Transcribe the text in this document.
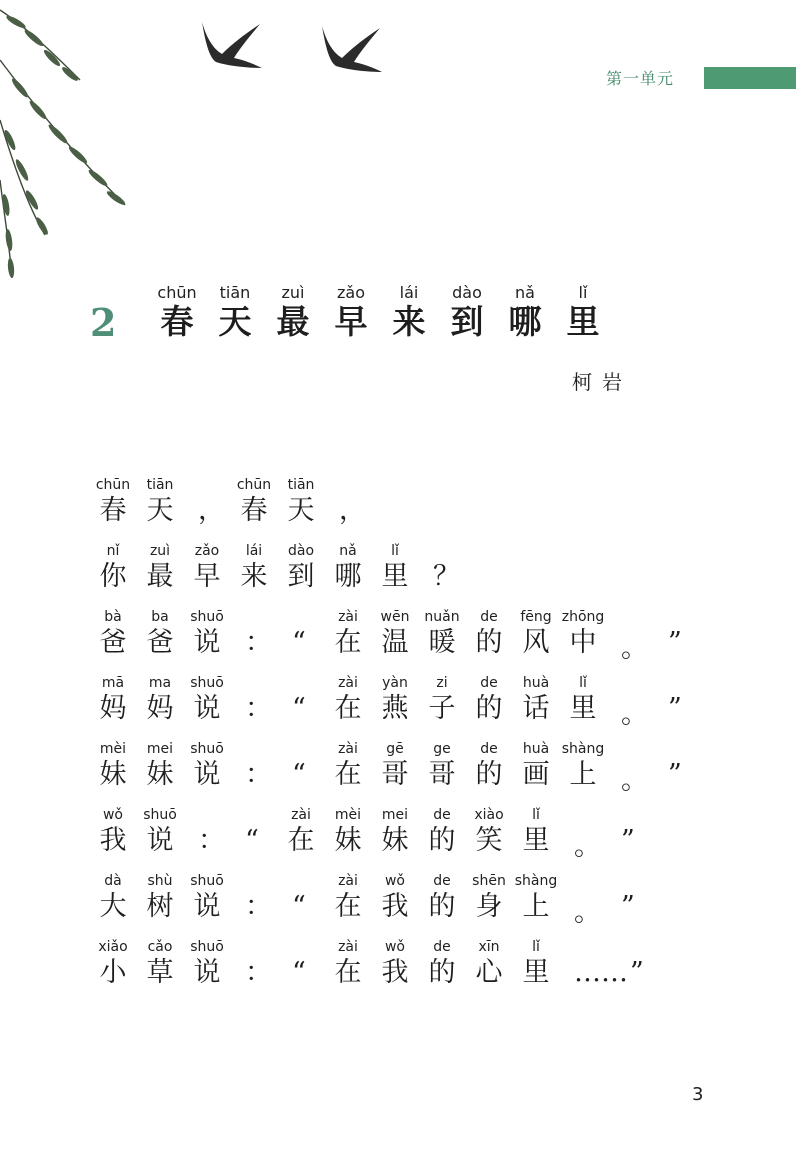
第一单元
2
chūn
春
tiān
天
zuì
最
zǎo
早
lái
来
dào
到
nǎ
哪
lǐ
里
柯岩
chūn
春
tiān
天 ，
chūn
春
tiān
天 ，
nǐ
你
zuì
最
zǎo
早
lái
来
dào
到
nǎ
哪
lǐ
里 ？
bà
爸
ba
爸
shuō
说 ： “
zài
在
wēn
温
nuǎn
暖
de
的
fēng
风
zhōng
中 。 ”
mā
妈
ma
妈
shuō
说 ： “
zài
在
yàn
燕
zi
子
de
的
huà
话
lǐ
里 。 ”
mèi
妹
mei
妹
shuō
说 ： “
zài
在
gē
哥
ge
哥
de
的
huà
画
shàng
上 。 ”
wǒ
我
shuō
说 ： “
zài
在
mèi
妹
mei
妹
de
的
xiào
笑
lǐ
里 。 ”
dà
大
shù
树
shuō
说 ： “
zài
在
wǒ
我
de
的
shēn
身
shàng
上 。 ”
xiǎo
小
cǎo
草
shuō
说 ： “
zài
在
wǒ
我
de
的
xīn
心
lǐ
里 …… ”
3
